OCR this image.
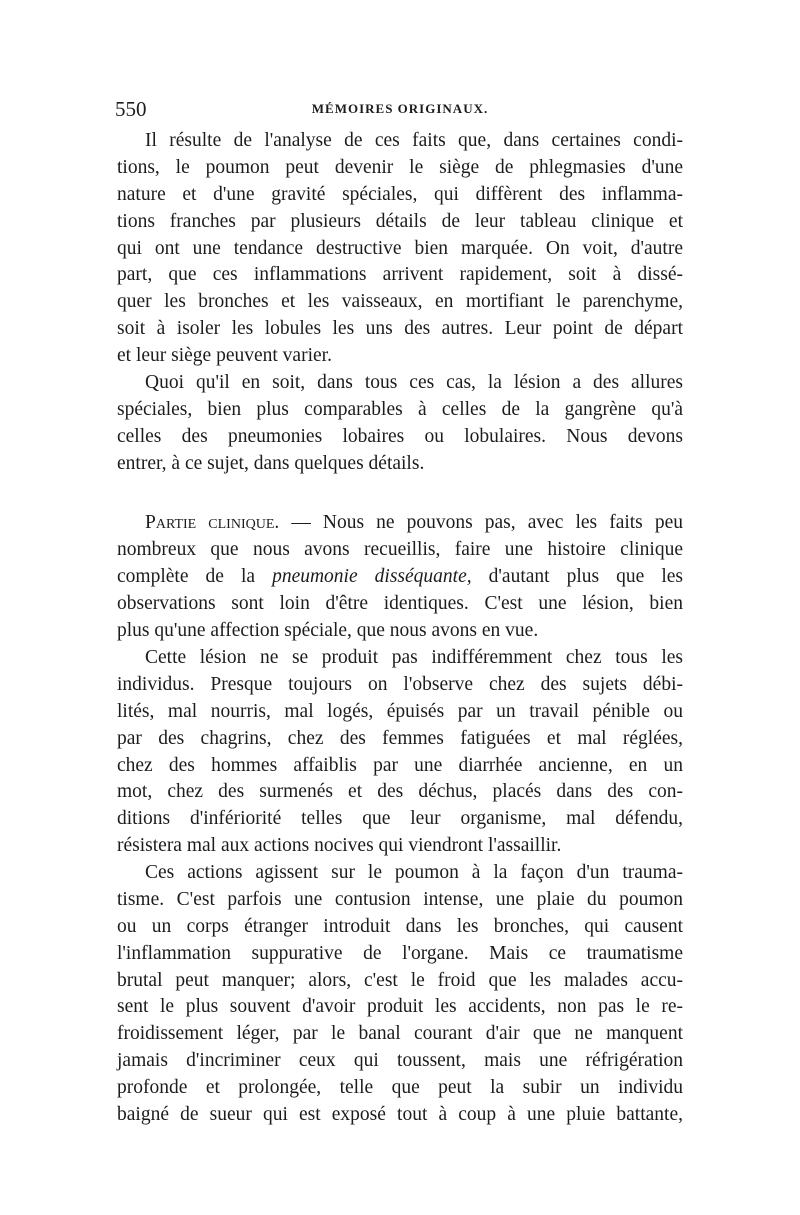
550	MÉMOIRES ORIGINAUX.
Il résulte de l'analyse de ces faits que, dans certaines condi-
tions, le poumon peut devenir le siège de phlegmasies d'une
nature et d'une gravité spéciales, qui diffèrent des inflamma-
tions franches par plusieurs détails de leur tableau clinique et
qui ont une tendance destructive bien marquée. On voit, d'autre
part, que ces inflammations arrivent rapidement, soit à dissé-
quer les bronches et les vaisseaux, en mortifiant le parenchyme,
soit à isoler les lobules les uns des autres. Leur point de départ
et leur siège peuvent varier.
Quoi qu'il en soit, dans tous ces cas, la lésion a des allures
spéciales, bien plus comparables à celles de la gangrène qu'à
celles des pneumonies lobaires ou lobulaires. Nous devons
entrer, à ce sujet, dans quelques détails.
Partie clinique. — Nous ne pouvons pas, avec les faits peu
nombreux que nous avons recueillis, faire une histoire clinique
complète de la pneumonie disséquante, d'autant plus que les
observations sont loin d'être identiques. C'est une lésion, bien
plus qu'une affection spéciale, que nous avons en vue.
Cette lésion ne se produit pas indifféremment chez tous les
individus. Presque toujours on l'observe chez des sujets débi-
lités, mal nourris, mal logés, épuisés par un travail pénible ou
par des chagrins, chez des femmes fatiguées et mal réglées,
chez des hommes affaiblis par une diarrhée ancienne, en un
mot, chez des surmenés et des déchus, placés dans des con-
ditions d'infériorité telles que leur organisme, mal défendu,
résistera mal aux actions nocives qui viendront l'assaillir.
Ces actions agissent sur le poumon à la façon d'un trauma-
tisme. C'est parfois une contusion intense, une plaie du poumon
ou un corps étranger introduit dans les bronches, qui causent
l'inflammation suppurative de l'organe. Mais ce traumatisme
brutal peut manquer; alors, c'est le froid que les malades accu-
sent le plus souvent d'avoir produit les accidents, non pas le re-
froidissement léger, par le banal courant d'air que ne manquent
jamais d'incriminer ceux qui toussent, mais une réfrigération
profonde et prolongée, telle que peut la subir un individu
baigné de sueur qui est exposé tout à coup à une pluie battante,
